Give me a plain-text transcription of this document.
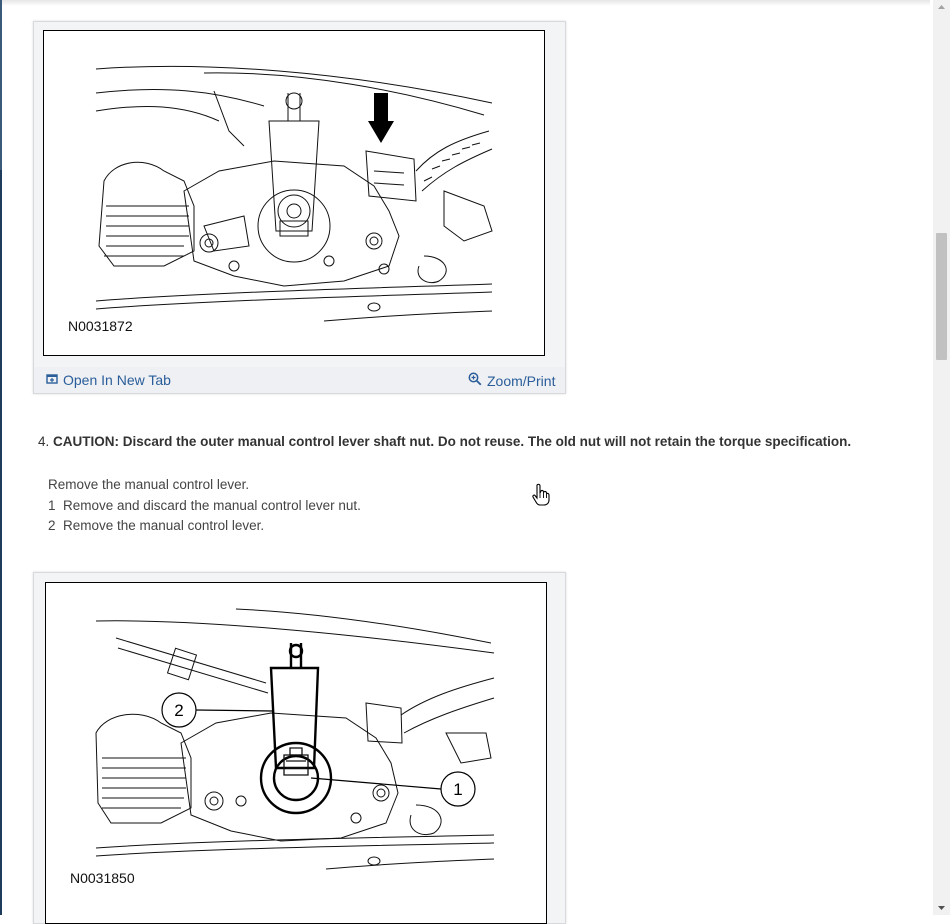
N0031872
Open In New Tab	Zoom/Print
4. CAUTION: Discard the outer manual control lever shaft nut. Do not reuse. The old nut will not retain the torque specification.
Remove the manual control lever.
1 Remove and discard the manual control lever nut.
2 Remove the manual control lever.
2
1
N0031850
